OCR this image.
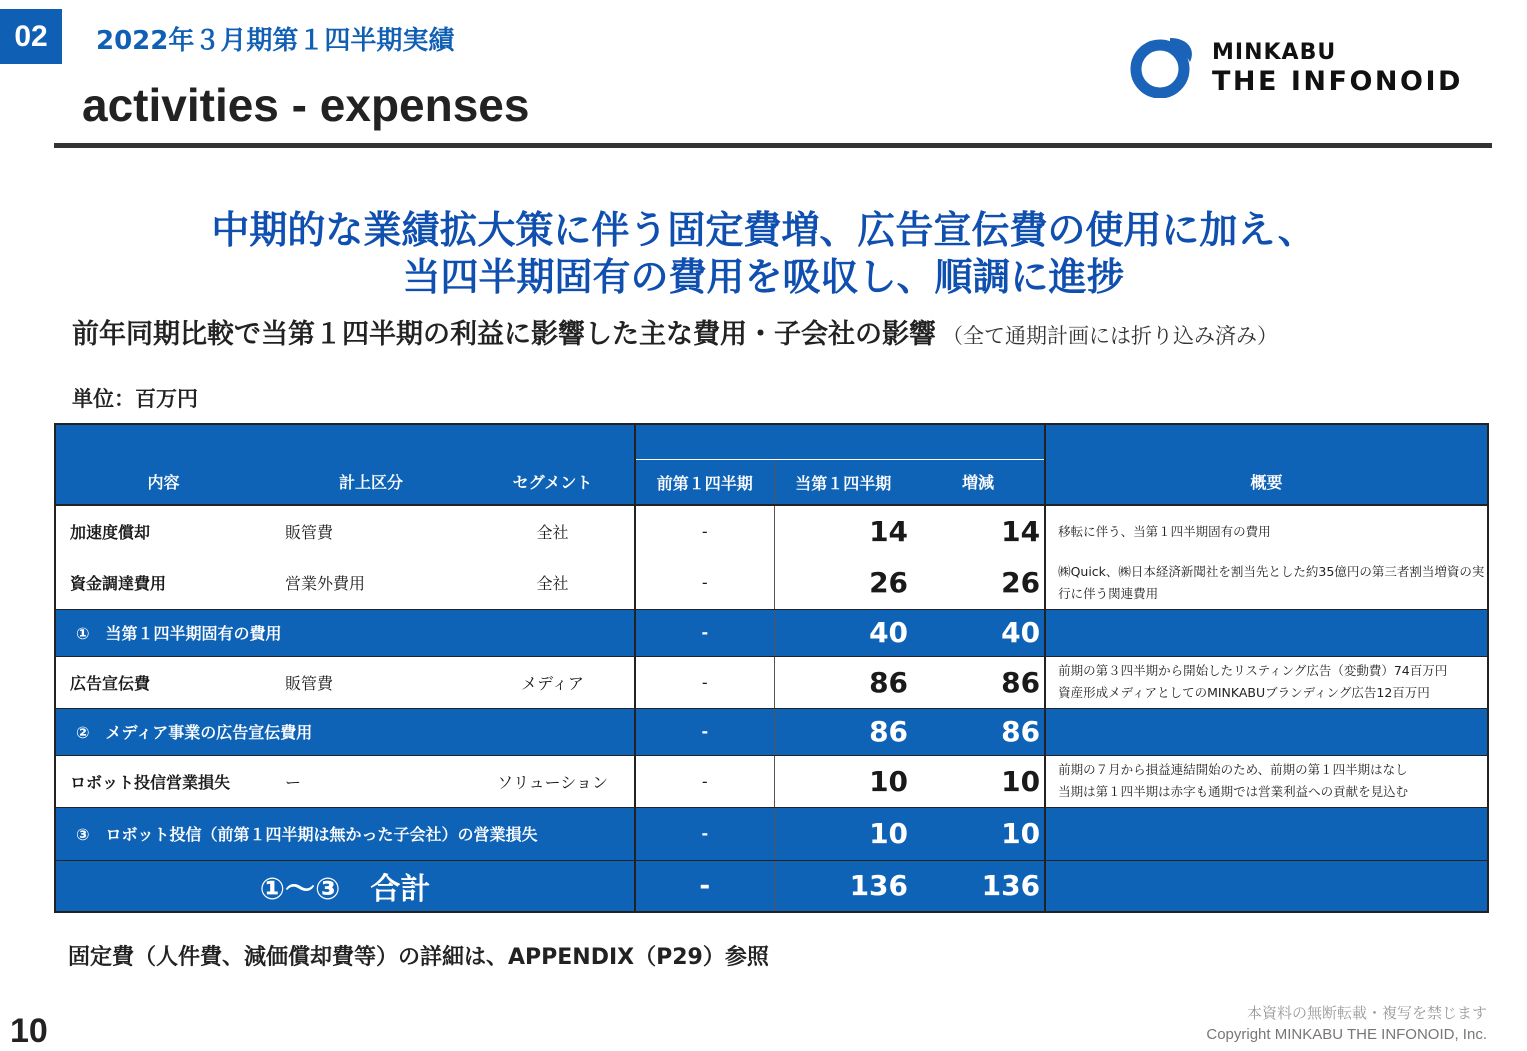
02	2022年３月期第１四半期実績
activities - expenses
MINKABU
THE INFONOID
中期的な業績拡大策に伴う固定費増、広告宣伝費の使用に加え、
当四半期固有の費用を吸収し、順調に進捗
前年同期比較で当第１四半期の利益に影響した主な費用・子会社の影響 （全て通期計画には折り込み済み）
単位：百万円

内容	計上区分	セグメント	前第１四半期	当第１四半期	増減	概要
加速度償却	販管費	全社	-	14	14	移転に伴う、当第１四半期固有の費用
資金調達費用	営業外費用	全社	-	26	26	㈱Quick、㈱日本経済新聞社を割当先とした約35億円の第三者割当増資の実行に伴う関連費用
①　当第１四半期固有の費用			-	40	40	
広告宣伝費	販管費	メディア	-	86	86	前期の第３四半期から開始したリスティング広告（変動費）74百万円
資産形成メディアとしてのMINKABUブランディング広告12百万円

②　メディア事業の広告宣伝費用			-	86	86	
ロボット投信営業損失	ー	ソリューション	-	10	10	前期の７月から損益連結開始のため、前期の第１四半期はなし
当期は第１四半期は赤字も通期では営業利益への貢献を見込む

③　ロボット投信（前第１四半期は無かった子会社）の営業損失			-	10	10	
①～③　合計			-	136	136	
固定費（人件費、減価償却費等）の詳細は、APPENDIX（P29）参照
10	本資料の無断転載・複写を禁じます
Copyright MINKABU THE INFONOID, Inc.
